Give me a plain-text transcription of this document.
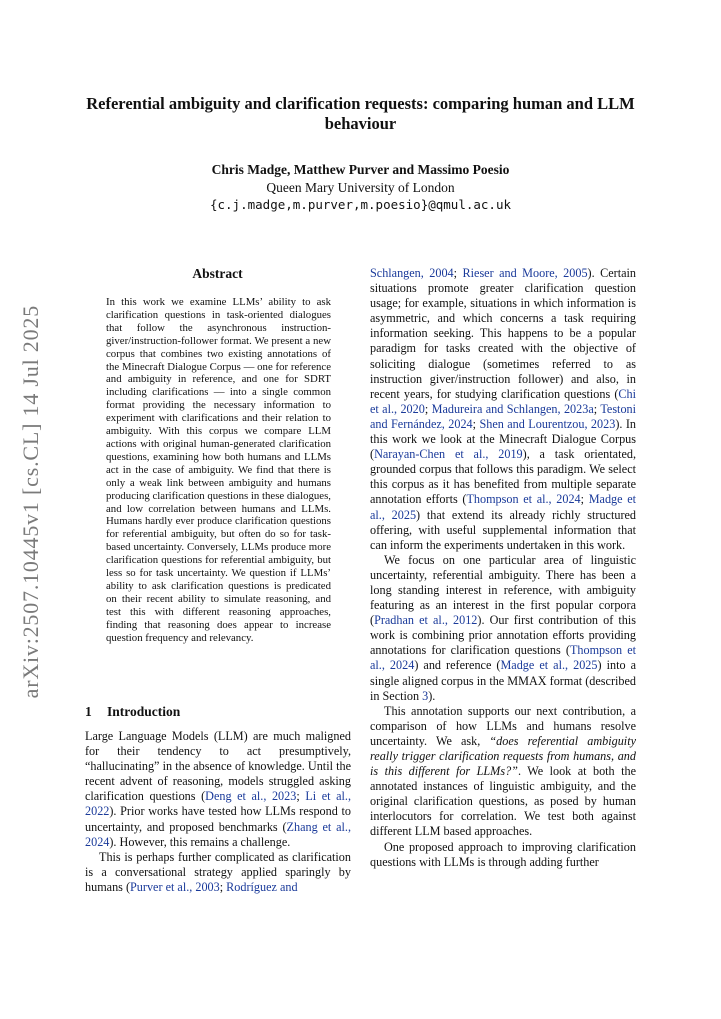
arXiv:2507.10445v1 [cs.CL] 14 Jul 2025
Referential ambiguity and clarification requests: comparing human and LLM behaviour
Chris Madge, Matthew Purver and Massimo Poesio
Queen Mary University of London
{c.j.madge,m.purver,m.poesio}@qmul.ac.uk
Abstract

In this work we examine LLMs’ ability to ask clarification questions in task-oriented dialogues that follow the asynchronous instruction-giver/instruction-follower format. We present a new corpus that combines two existing annotations of the Minecraft Dialogue Corpus — one for reference and ambiguity in reference, and one for SDRT including clarifications — into a single common format providing the necessary information to experiment with clarifications and their relation to ambiguity. With this corpus we compare LLM actions with original human-generated clarification questions, examining how both humans and LLMs act in the case of ambiguity. We find that there is only a weak link between ambiguity and humans producing clarification questions in these dialogues, and low correlation between humans and LLMs. Humans hardly ever produce clarification questions for referential ambiguity, but often do so for task-based uncertainty. Conversely, LLMs produce more clarification questions for referential ambiguity, but less so for task uncertainty. We question if LLMs’ ability to ask clarification questions is predicated on their recent ability to simulate reasoning, and test this with different reasoning approaches, finding that reasoning does appear to increase question frequency and relevancy.

1 Introduction

Large Language Models (LLM) are much maligned for their tendency to act presumptively, “hallucinating” in the absence of knowledge. Until the recent advent of reasoning, models struggled asking clarification questions (Deng et al., 2023; Li et al., 2022). Prior works have tested how LLMs respond to uncertainty, and proposed benchmarks (Zhang et al., 2024). However, this remains a challenge.

This is perhaps further complicated as clarification is a conversational strategy applied sparingly by humans (Purver et al., 2003; Rodríguez and

Schlangen, 2004; Rieser and Moore, 2005). Certain situations promote greater clarification question usage; for example, situations in which information is asymmetric, and which concerns a task requiring information seeking. This happens to be a popular paradigm for tasks created with the objective of soliciting dialogue (sometimes referred to as instruction giver/instruction follower) and also, in recent years, for studying clarification questions (Chi et al., 2020; Madureira and Schlangen, 2023a; Testoni and Fernández, 2024; Shen and Lourentzou, 2023). In this work we look at the Minecraft Dialogue Corpus (Narayan-Chen et al., 2019), a task orientated, grounded corpus that follows this paradigm. We select this corpus as it has benefited from multiple separate annotation efforts (Thompson et al., 2024; Madge et al., 2025) that extend its already richly structured offering, with useful supplemental information that can inform the experiments undertaken in this work.

We focus on one particular area of linguistic uncertainty, referential ambiguity. There has been a long standing interest in reference, with ambiguity featuring as an interest in the first popular corpora (Pradhan et al., 2012). Our first contribution of this work is combining prior annotation efforts providing annotations for clarification questions (Thompson et al., 2024) and reference (Madge et al., 2025) into a single aligned corpus in the MMAX format (described in Section 3).

This annotation supports our next contribution, a comparison of how LLMs and humans resolve uncertainty. We ask, “does referential ambiguity really trigger clarification requests from humans, and is this different for LLMs?”. We look at both the annotated instances of linguistic ambiguity, and the original clarification questions, as posed by human interlocutors for correlation. We test both against different LLM based approaches.

One proposed approach to improving clarification questions with LLMs is through adding further
